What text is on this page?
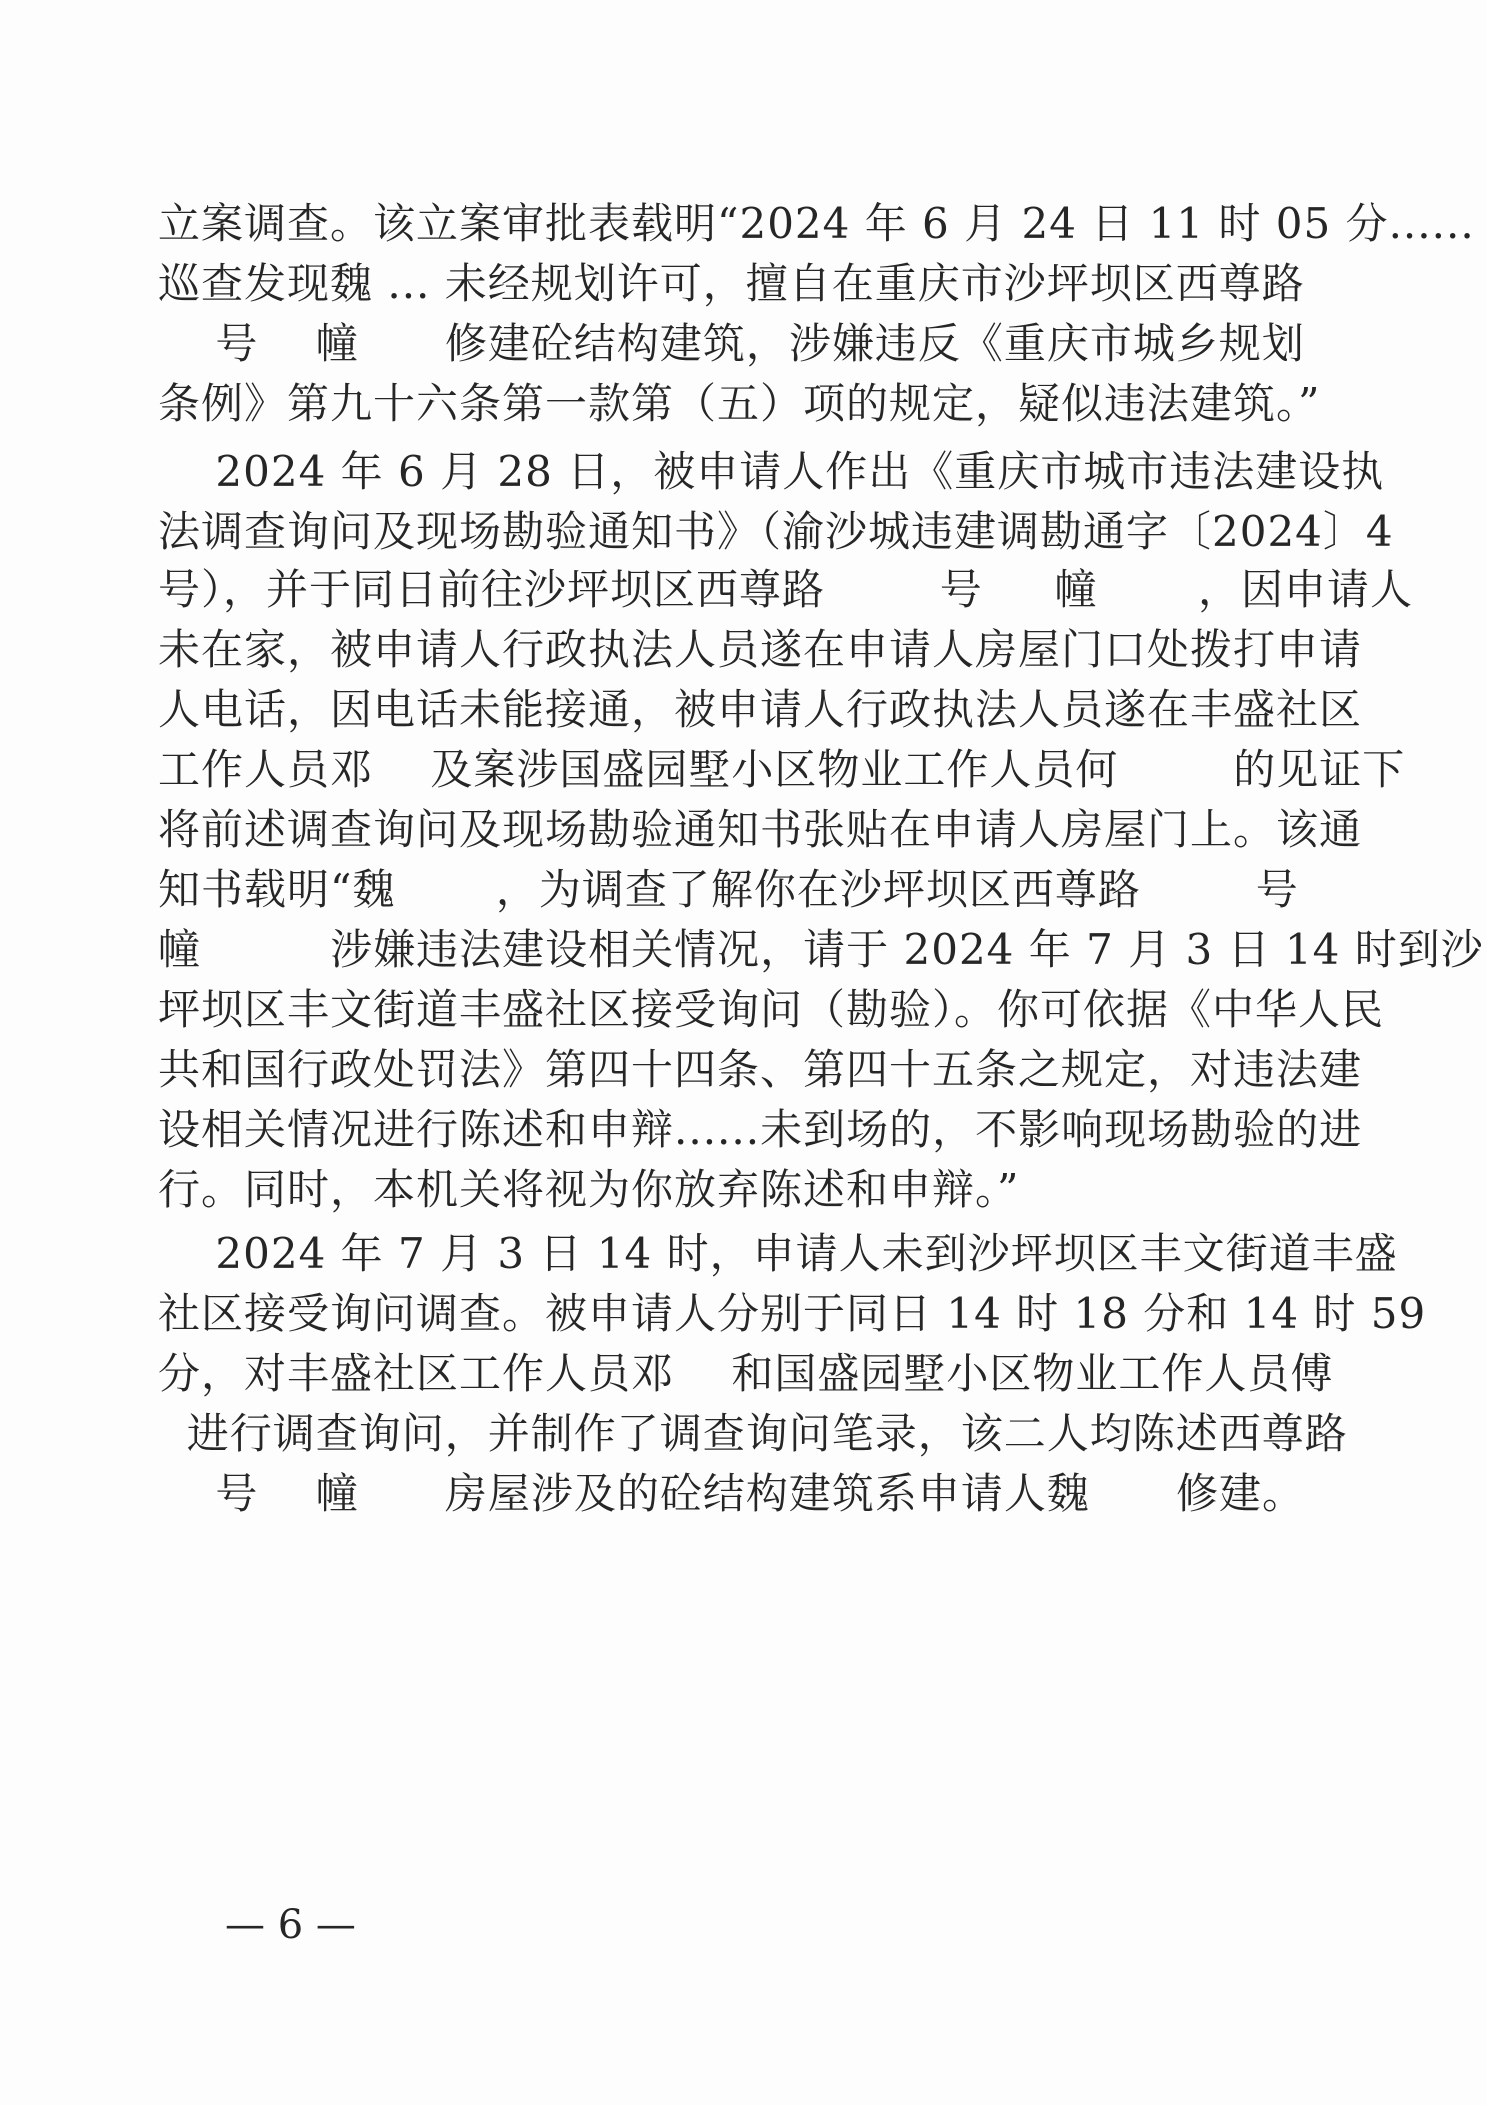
立案调查。该立案审批表载明“2024 年 6 月 24 日 11 时 05 分......
巡查发现魏 ... 未经规划许可，擅自在重庆市沙坪坝区西尊路
号    幢      修建砼结构建筑，涉嫌违反《重庆市城乡规划
条例》第九十六条第一款第（五）项的规定，疑似违法建筑。”
2024 年 6 月 28 日，被申请人作出《重庆市城市违法建设执
法调查询问及现场勘验通知书》（渝沙城违建调勘通字〔2024〕4
号），并于同日前往沙坪坝区西尊路        号     幢       ，因申请人
未在家，被申请人行政执法人员遂在申请人房屋门口处拨打申请
人电话，因电话未能接通，被申请人行政执法人员遂在丰盛社区
工作人员邓    及案涉国盛园墅小区物业工作人员何        的见证下
将前述调查询问及现场勘验通知书张贴在申请人房屋门上。该通
知书载明“魏       ，为调查了解你在沙坪坝区西尊路        号
幢         涉嫌违法建设相关情况，请于 2024 年 7 月 3 日 14 时到沙
坪坝区丰文街道丰盛社区接受询问（勘验）。你可依据《中华人民
共和国行政处罚法》第四十四条、第四十五条之规定，对违法建
设相关情况进行陈述和申辩......未到场的，不影响现场勘验的进
行。同时，本机关将视为你放弃陈述和申辩。”
2024 年 7 月 3 日 14 时，申请人未到沙坪坝区丰文街道丰盛
社区接受询问调查。被申请人分别于同日 14 时 18 分和 14 时 59
分，对丰盛社区工作人员邓    和国盛园墅小区物业工作人员傅
进行调查询问，并制作了调查询问笔录，该二人均陈述西尊路
号    幢      房屋涉及的砼结构建筑系申请人魏      修建。
— 6 —
